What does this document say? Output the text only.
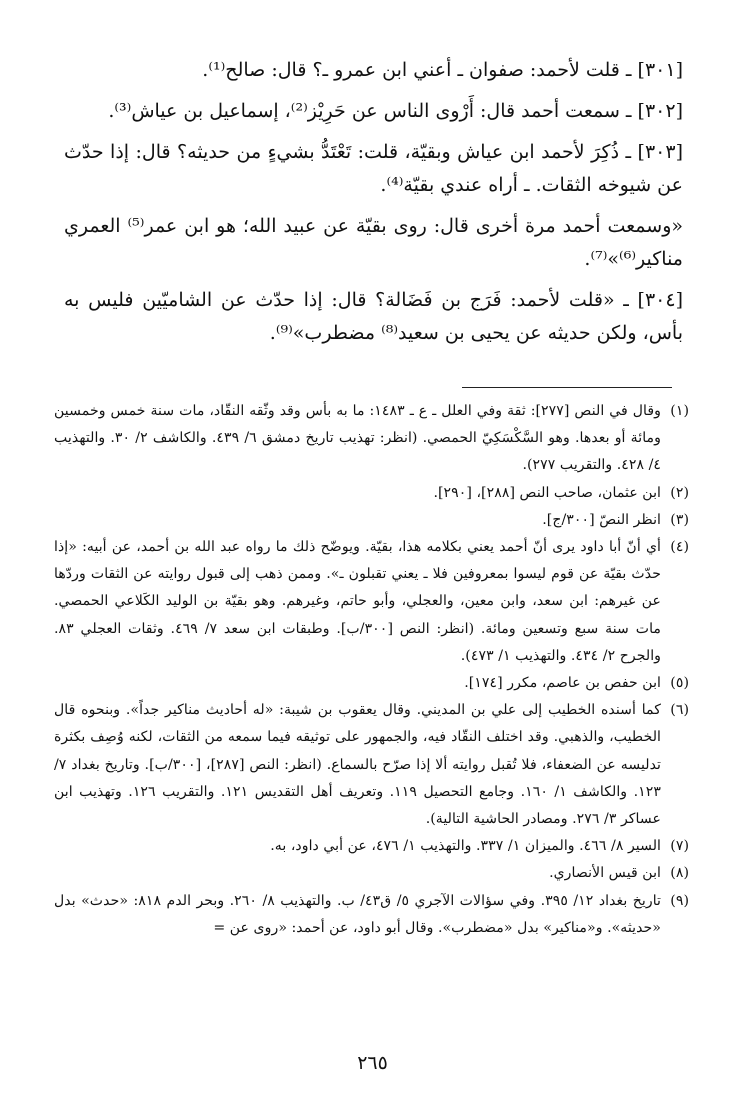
[٣٠١] ـ قلت لأحمد: صفوان ـ أعني ابن عمرو ـ؟ قال: صالح⁽¹⁾.

[٣٠٢] ـ سمعت أحمد قال: أَرْوى الناس عن حَرِيْز⁽²⁾، إسماعيل بن عياش⁽³⁾.

[٣٠٣] ـ ذُكِرَ لأحمد ابن عياش وبقيّة، قلت: تَعْتَدُّ بشيءٍ من حديثه؟ قال: إذا حدّث عن شيوخه الثقات. ـ أراه عندي بقيّة⁽⁴⁾.

«وسمعت أحمد مرة أخرى قال: روى بقيّة عن عبيد الله؛ هو ابن عمر⁽⁵⁾ العمري مناكير⁽⁶⁾»⁽⁷⁾.

[٣٠٤] ـ «قلت لأحمد: فَرَج بن فَضَالة؟ قال: إذا حدّث عن الشاميّين فليس به بأس، ولكن حديثه عن يحيى بن سعيد⁽⁸⁾ مضطرب»⁽⁹⁾.

(١)
وقال في النص [٢٧٧]: ثقة وفي العلل ـ ع ـ ١٤٨٣: ما به بأس وقد وثّقه النقّاد، مات سنة خمس وخمسين ومائة أو بعدها. وهو السَّكْسَكِيّ الحمصي. (انظر: تهذيب تاريخ دمشق ٦/ ٤٣٩. والكاشف ٢/ ٣٠. والتهذيب ٤/ ٤٢٨. والتقريب ٢٧٧).
(٢)
ابن عثمان، صاحب النص [٢٨٨]، [٢٩٠].
(٣)
انظر النصّ [٣٠٠/ج].
(٤)
أي أنّ أبا داود يرى أنّ أحمد يعني بكلامه هذا، بقيّة. ويوضّح ذلك ما رواه عبد الله بن أحمد، عن أبيه: «إذا حدّث بقيّة عن قوم ليسوا بمعروفين فلا ـ يعني تقبلون ـ». وممن ذهب إلى قبول روايته عن الثقات وردّها عن غيرهم: ابن سعد، وابن معين، والعجلي، وأبو حاتم، وغيرهم. وهو بقيّة بن الوليد الكَلاعي الحمصي. مات سنة سبع وتسعين ومائة. (انظر: النص [٣٠٠/ب]. وطبقات ابن سعد ٧/ ٤٦٩. وثقات العجلي ٨٣. والجرح ٢/ ٤٣٤. والتهذيب ١/ ٤٧٣).
(٥)
ابن حفص بن عاصم، مكرر [١٧٤].
(٦)
كما أسنده الخطيب إلى علي بن المديني. وقال يعقوب بن شيبة: «له أحاديث مناكير جداً». وبنحوه قال الخطيب، والذهبي. وقد اختلف النقّاد فيه، والجمهور على توثيقه فيما سمعه من الثقات، لكنه وُصِف بكثرة تدليسه عن الضعفاء، فلا تُقبل روايته ألا إذا صرّح بالسماع. (انظر: النص [٢٨٧]، [٣٠٠/ب]. وتاريخ بغداد ٧/ ١٢٣. والكاشف ١/ ١٦٠. وجامع التحصيل ١١٩. وتعريف أهل التقديس ١٢١. والتقريب ١٢٦. وتهذيب ابن عساكر ٣/ ٢٧٦. ومصادر الحاشية التالية).
(٧)
السير ٨/ ٤٦٦. والميزان ١/ ٣٣٧. والتهذيب ١/ ٤٧٦، عن أبي داود، به.
(٨)
ابن قيس الأنصاري.
(٩)
تاريخ بغداد ١٢/ ٣٩٥. وفي سؤالات الآجري ٥/ ق٤٣/ ب. والتهذيب ٨/ ٢٦٠. وبحر الدم ٨١٨: «حدث» بدل «حديثه». و«مناكير» بدل «مضطرب». وقال أبو داود، عن أحمد: «روى عن =
٢٦٥
